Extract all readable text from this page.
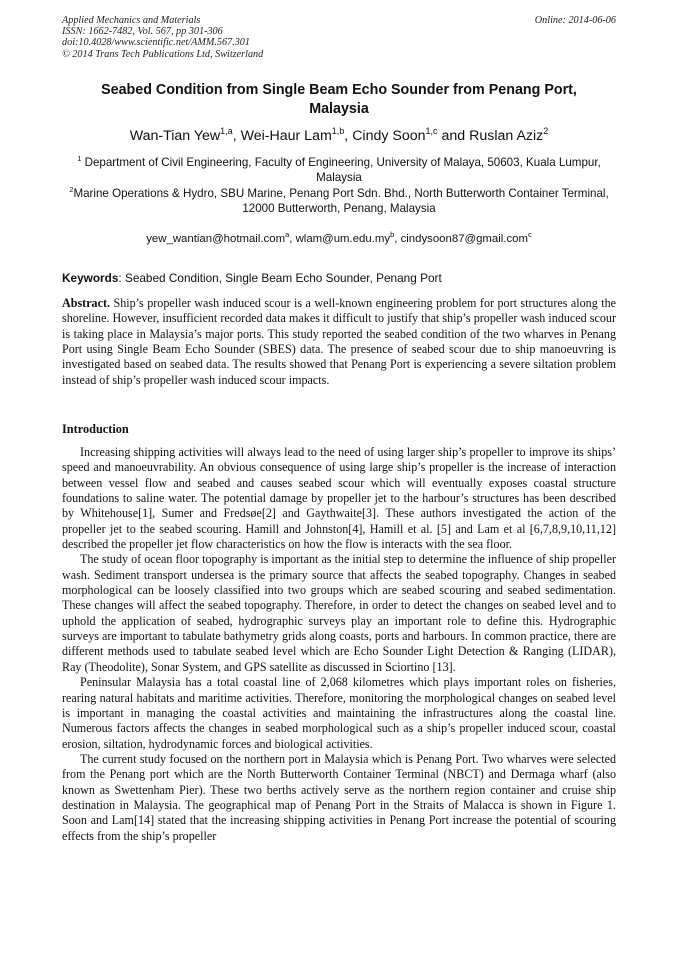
Applied Mechanics and Materials
ISSN: 1662-7482, Vol. 567, pp 301-306
doi:10.4028/www.scientific.net/AMM.567.301
© 2014 Trans Tech Publications Ltd, Switzerland
Online: 2014-06-06
Seabed Condition from Single Beam Echo Sounder from Penang Port,
Malaysia
Wan-Tian Yew$^{1,a}$, Wei-Haur Lam$^{1,b}$, Cindy Soon$^{1,c}$ and Ruslan Aziz$^2$
$^1$ Department of Civil Engineering, Faculty of Engineering, University of Malaya, 50603, Kuala Lumpur, Malaysia
$^2$Marine Operations & Hydro, SBU Marine, Penang Port Sdn. Bhd., North Butterworth Container Terminal, 12000 Butterworth, Penang, Malaysia
yew_wantian@hotmail.com$^a$, $wlam@um.edu.my^b$, cindysoon87@gmail.com$^c$
Keywords: Seabed Condition, Single Beam Echo Sounder, Penang Port

Abstract. Ship’s propeller wash induced scour is a well-known engineering problem for port structures along the shoreline. However, insufficient recorded data makes it difficult to justify that ship’s propeller wash induced scour is taking place in Malaysia’s major ports. This study reported the seabed condition of the two wharves in Penang Port using Single Beam Echo Sounder (SBES) data. The presence of seabed scour due to ship manoeuvring is investigated based on seabed data. The results showed that Penang Port is experiencing a severe siltation problem instead of ship’s propeller wash induced scour impacts.

Introduction

Increasing shipping activities will always lead to the need of using larger ship’s propeller to improve its ships’ speed and manoeuvrability. An obvious consequence of using large ship’s propeller is the increase of interaction between vessel flow and seabed and causes seabed scour which will eventually exposes coastal structure foundations to saline water. The potential damage by propeller jet to the harbour’s structures has been described by Whitehouse[1], Sumer and Fredsøe[2] and Gaythwaite[3]. These authors investigated the action of the propeller jet to the seabed scouring. Hamill and Johnston[4], Hamill et al. [5] and Lam et al [6,7,8,9,10,11,12] described the propeller jet flow characteristics on how the flow is interacts with the sea floor.

The study of ocean floor topography is important as the initial step to determine the influence of ship propeller wash. Sediment transport undersea is the primary source that affects the seabed topography. Changes in seabed morphological can be loosely classified into two groups which are seabed scouring and seabed sedimentation. These changes will affect the seabed topography. Therefore, in order to detect the changes on seabed level and to uphold the application of seabed, hydrographic surveys play an important role to define this. Hydrographic surveys are important to tabulate bathymetry grids along coasts, ports and harbours. In common practice, there are different methods used to tabulate seabed level which are Echo Sounder Light Detection & Ranging (LIDAR), Ray (Theodolite), Sonar System, and GPS satellite as discussed in Sciortino [13].

Peninsular Malaysia has a total coastal line of 2,068 kilometres which plays important roles on fisheries, rearing natural habitats and maritime activities. Therefore, monitoring the morphological changes on seabed level is important in managing the coastal activities and maintaining the infrastructures along the coastal line. Numerous factors affects the changes in seabed morphological such as a ship’s propeller induced scour, coastal erosion, siltation, hydrodynamic forces and biological activities.

The current study focused on the northern port in Malaysia which is Penang Port. Two wharves were selected from the Penang port which are the North Butterworth Container Terminal (NBCT) and Dermaga wharf (also known as Swettenham Pier). These two berths actively serve as the northern region container and cruise ship destination in Malaysia. The geographical map of Penang Port in the Straits of Malacca is shown in Figure 1. Soon and Lam[14] stated that the increasing shipping activities in Penang Port increase the potential of scouring effects from the ship’s propeller
